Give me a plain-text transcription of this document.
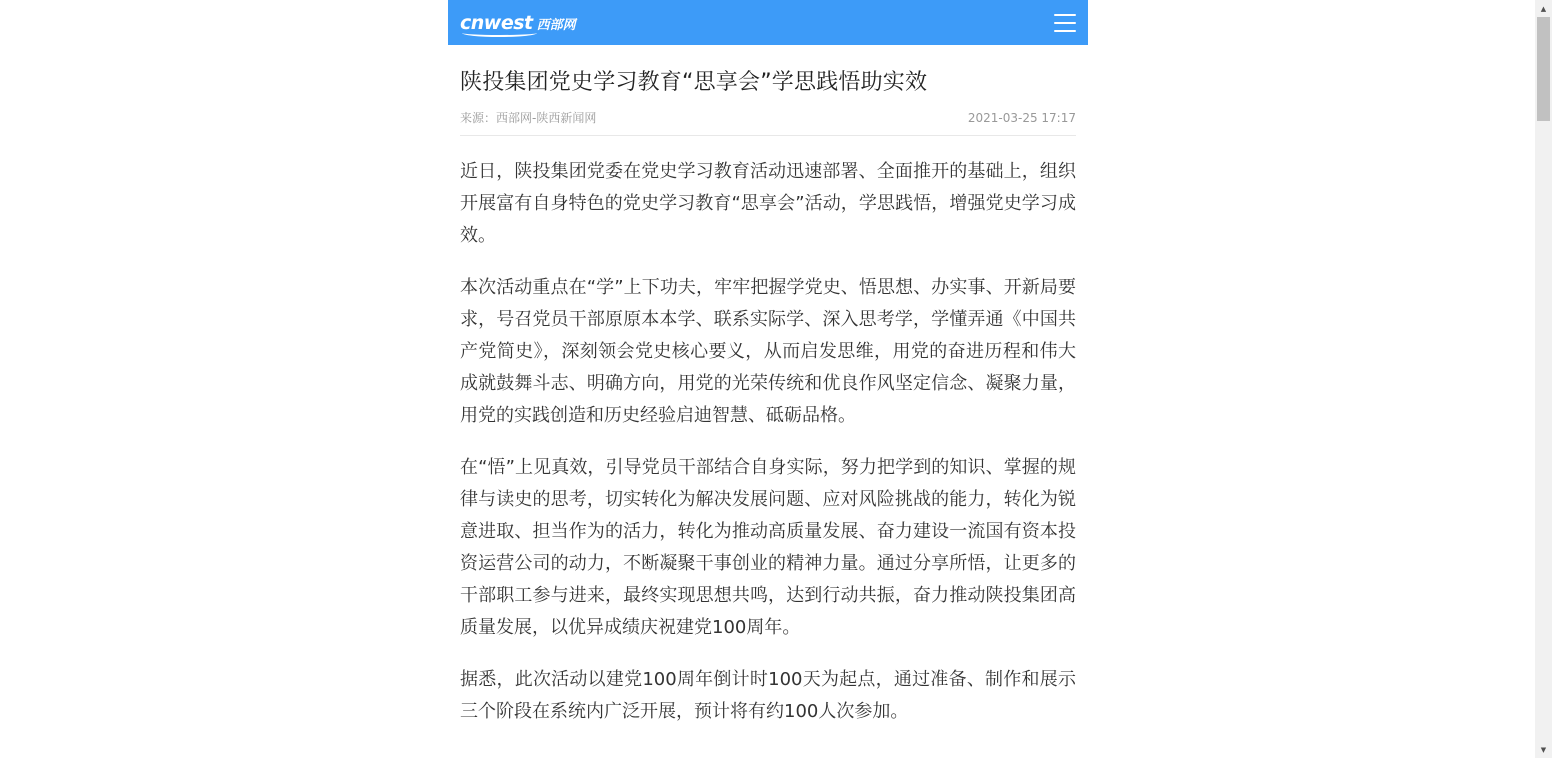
cnwest 西部网
陕投集团党史学习教育“思享会”学思践悟助实效
来源：西部网-陕西新闻网	2021-03-25 17:17

近日，陕投集团党委在党史学习教育活动迅速部署、全面推开的基础上，组织开展富有自身特色的党史学习教育“思享会”活动，学思践悟，增强党史学习成效。

本次活动重点在“学”上下功夫，牢牢把握学党史、悟思想、办实事、开新局要求，号召党员干部原原本本学、联系实际学、深入思考学，学懂弄通《中国共产党简史》，深刻领会党史核心要义，从而启发思维，用党的奋进历程和伟大成就鼓舞斗志、明确方向，用党的光荣传统和优良作风坚定信念、凝聚力量，用党的实践创造和历史经验启迪智慧、砥砺品格。

在“悟”上见真效，引导党员干部结合自身实际，努力把学到的知识、掌握的规律与读史的思考，切实转化为解决发展问题、应对风险挑战的能力，转化为锐意进取、担当作为的活力，转化为推动高质量发展、奋力建设一流国有资本投资运营公司的动力，不断凝聚干事创业的精神力量。通过分享所悟，让更多的干部职工参与进来，最终实现思想共鸣，达到行动共振，奋力推动陕投集团高质量发展，以优异成绩庆祝建党100周年。

据悉，此次活动以建党100周年倒计时100天为起点，通过准备、制作和展示三个阶段在系统内广泛开展，预计将有约100人次参加。

▲
▼
